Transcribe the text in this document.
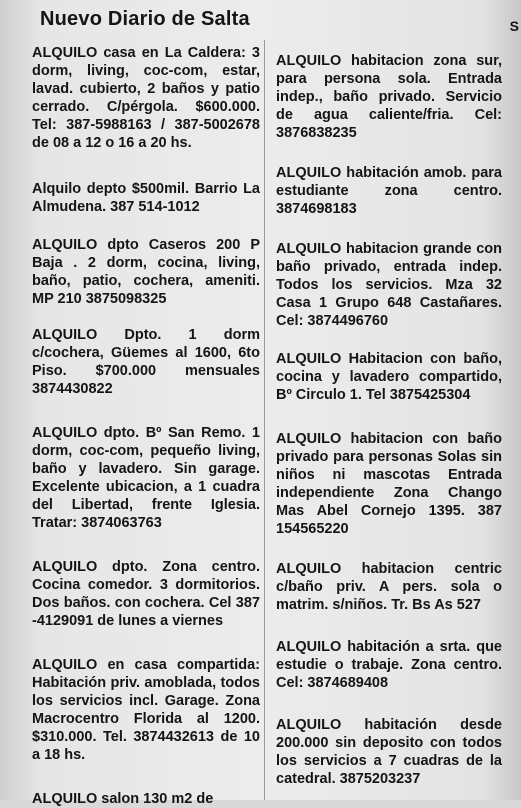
Nuevo Diario de Salta	S

ALQUILO casa en La Caldera: 3 dorm, living, coc-com, estar, lavad. cubierto, 2 baños y patio cerrado. C/pérgola. $600.000. Tel: 387-5988163 / 387-5002678 de 08 a 12 o 16 a 20 hs.

Alquilo depto $500mil. Barrio La Almudena. 387 514-1012

ALQUILO dpto Caseros 200 P Baja . 2 dorm, cocina, living, baño, patio, cochera, ameniti. MP 210 3875098325

ALQUILO Dpto. 1 dorm c/cochera, Güemes al 1600, 6to Piso. $700.000 mensuales 3874430822

ALQUILO dpto. Bº San Remo. 1 dorm, coc-com, pequeño living, baño y lavadero. Sin garage. Excelente ubicacion, a 1 cuadra del Libertad, frente Iglesia. Tratar: 3874063763

ALQUILO dpto. Zona centro. Cocina comedor. 3 dormitorios. Dos baños. con cochera. Cel 387 -4129091 de lunes a viernes

ALQUILO en casa compartida: Habitación priv. amoblada, todos los servicios incl. Garage. Zona Macrocentro Florida al 1200. $310.000. Tel. 3874432613 de 10 a 18 hs.

ALQUILO salon 130 m2 de

ALQUILO habitacion zona sur, para persona sola. Entrada indep., baño privado. Servicio de agua caliente/fria. Cel: 3876838235

ALQUILO habitación amob. para estudiante zona centro. 3874698183

ALQUILO habitacion grande con baño privado, entrada indep. Todos los servicios. Mza 32 Casa 1 Grupo 648 Castañares. Cel: 3874496760

ALQUILO Habitacion con baño, cocina y lavadero compartido, Bº Circulo 1. Tel 3875425304

ALQUILO habitacion con baño privado para personas Solas sin niños ni mascotas Entrada independiente Zona Chango Mas Abel Cornejo 1395. 387 154565220

ALQUILO habitacion centric c/baño priv. A pers. sola o matrim. s/niños. Tr. Bs As 527

ALQUILO habitación a srta. que estudie o trabaje. Zona centro. Cel: 3874689408

ALQUILO habitación desde 200.000 sin deposito con todos los servicios a 7 cuadras de la catedral. 3875203237
